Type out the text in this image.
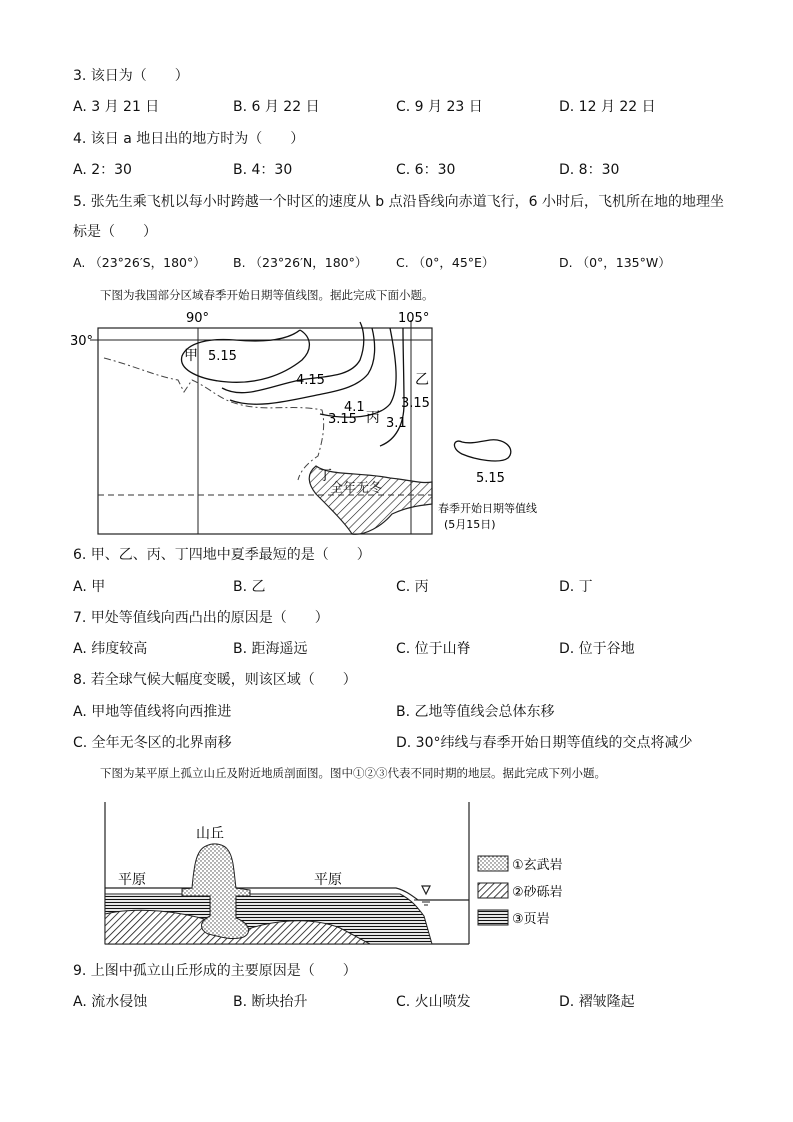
3. 该日为（　　）
A. 3 月 21 日	B. 6 月 22 日	C. 9 月 23 日	D. 12 月 22 日
4. 该日 a 地日出的地方时为（　　）
A. 2：30	B. 4：30	C. 6：30	D. 8：30
5. 张先生乘飞机以每小时跨越一个时区的速度从 b 点沿昏线向赤道飞行，6 小时后，飞机所在地的地理坐
标是（　　）
A. （23°26′S，180°） B. （23°26′N，180°） C. （0°，45°E）	D. （0°，135°W）
下图为我国部分区域春季开始日期等值线图。据此完成下面小题。
90°	105°
30°
甲
乙
丙
丁
5.15
4.15
4.1	3.15
3.15 3.1
5.15
全年无冬
春季开始日期等值线
(5月15日)
6. 甲、乙、丙、丁四地中夏季最短的是（　　）
A. 甲	B. 乙	C. 丙	D. 丁
7. 甲处等值线向西凸出的原因是（　　）
A. 纬度较高	B. 距海遥远	C. 位于山脊	D. 位于谷地
8. 若全球气候大幅度变暖，则该区域（　　）
A. 甲地等值线将向西推进	B. 乙地等值线会总体东移
C. 全年无冬区的北界南移	D. 30°纬线与春季开始日期等值线的交点将减少
下图为某平原上孤立山丘及附近地质剖面图。图中①②③代表不同时期的地层。据此完成下列小题。
山丘
平原	平原
①玄武岩
②砂砾岩
③页岩
9. 上图中孤立山丘形成的主要原因是（　　）
A. 流水侵蚀	B. 断块抬升	C. 火山喷发	D. 褶皱隆起
